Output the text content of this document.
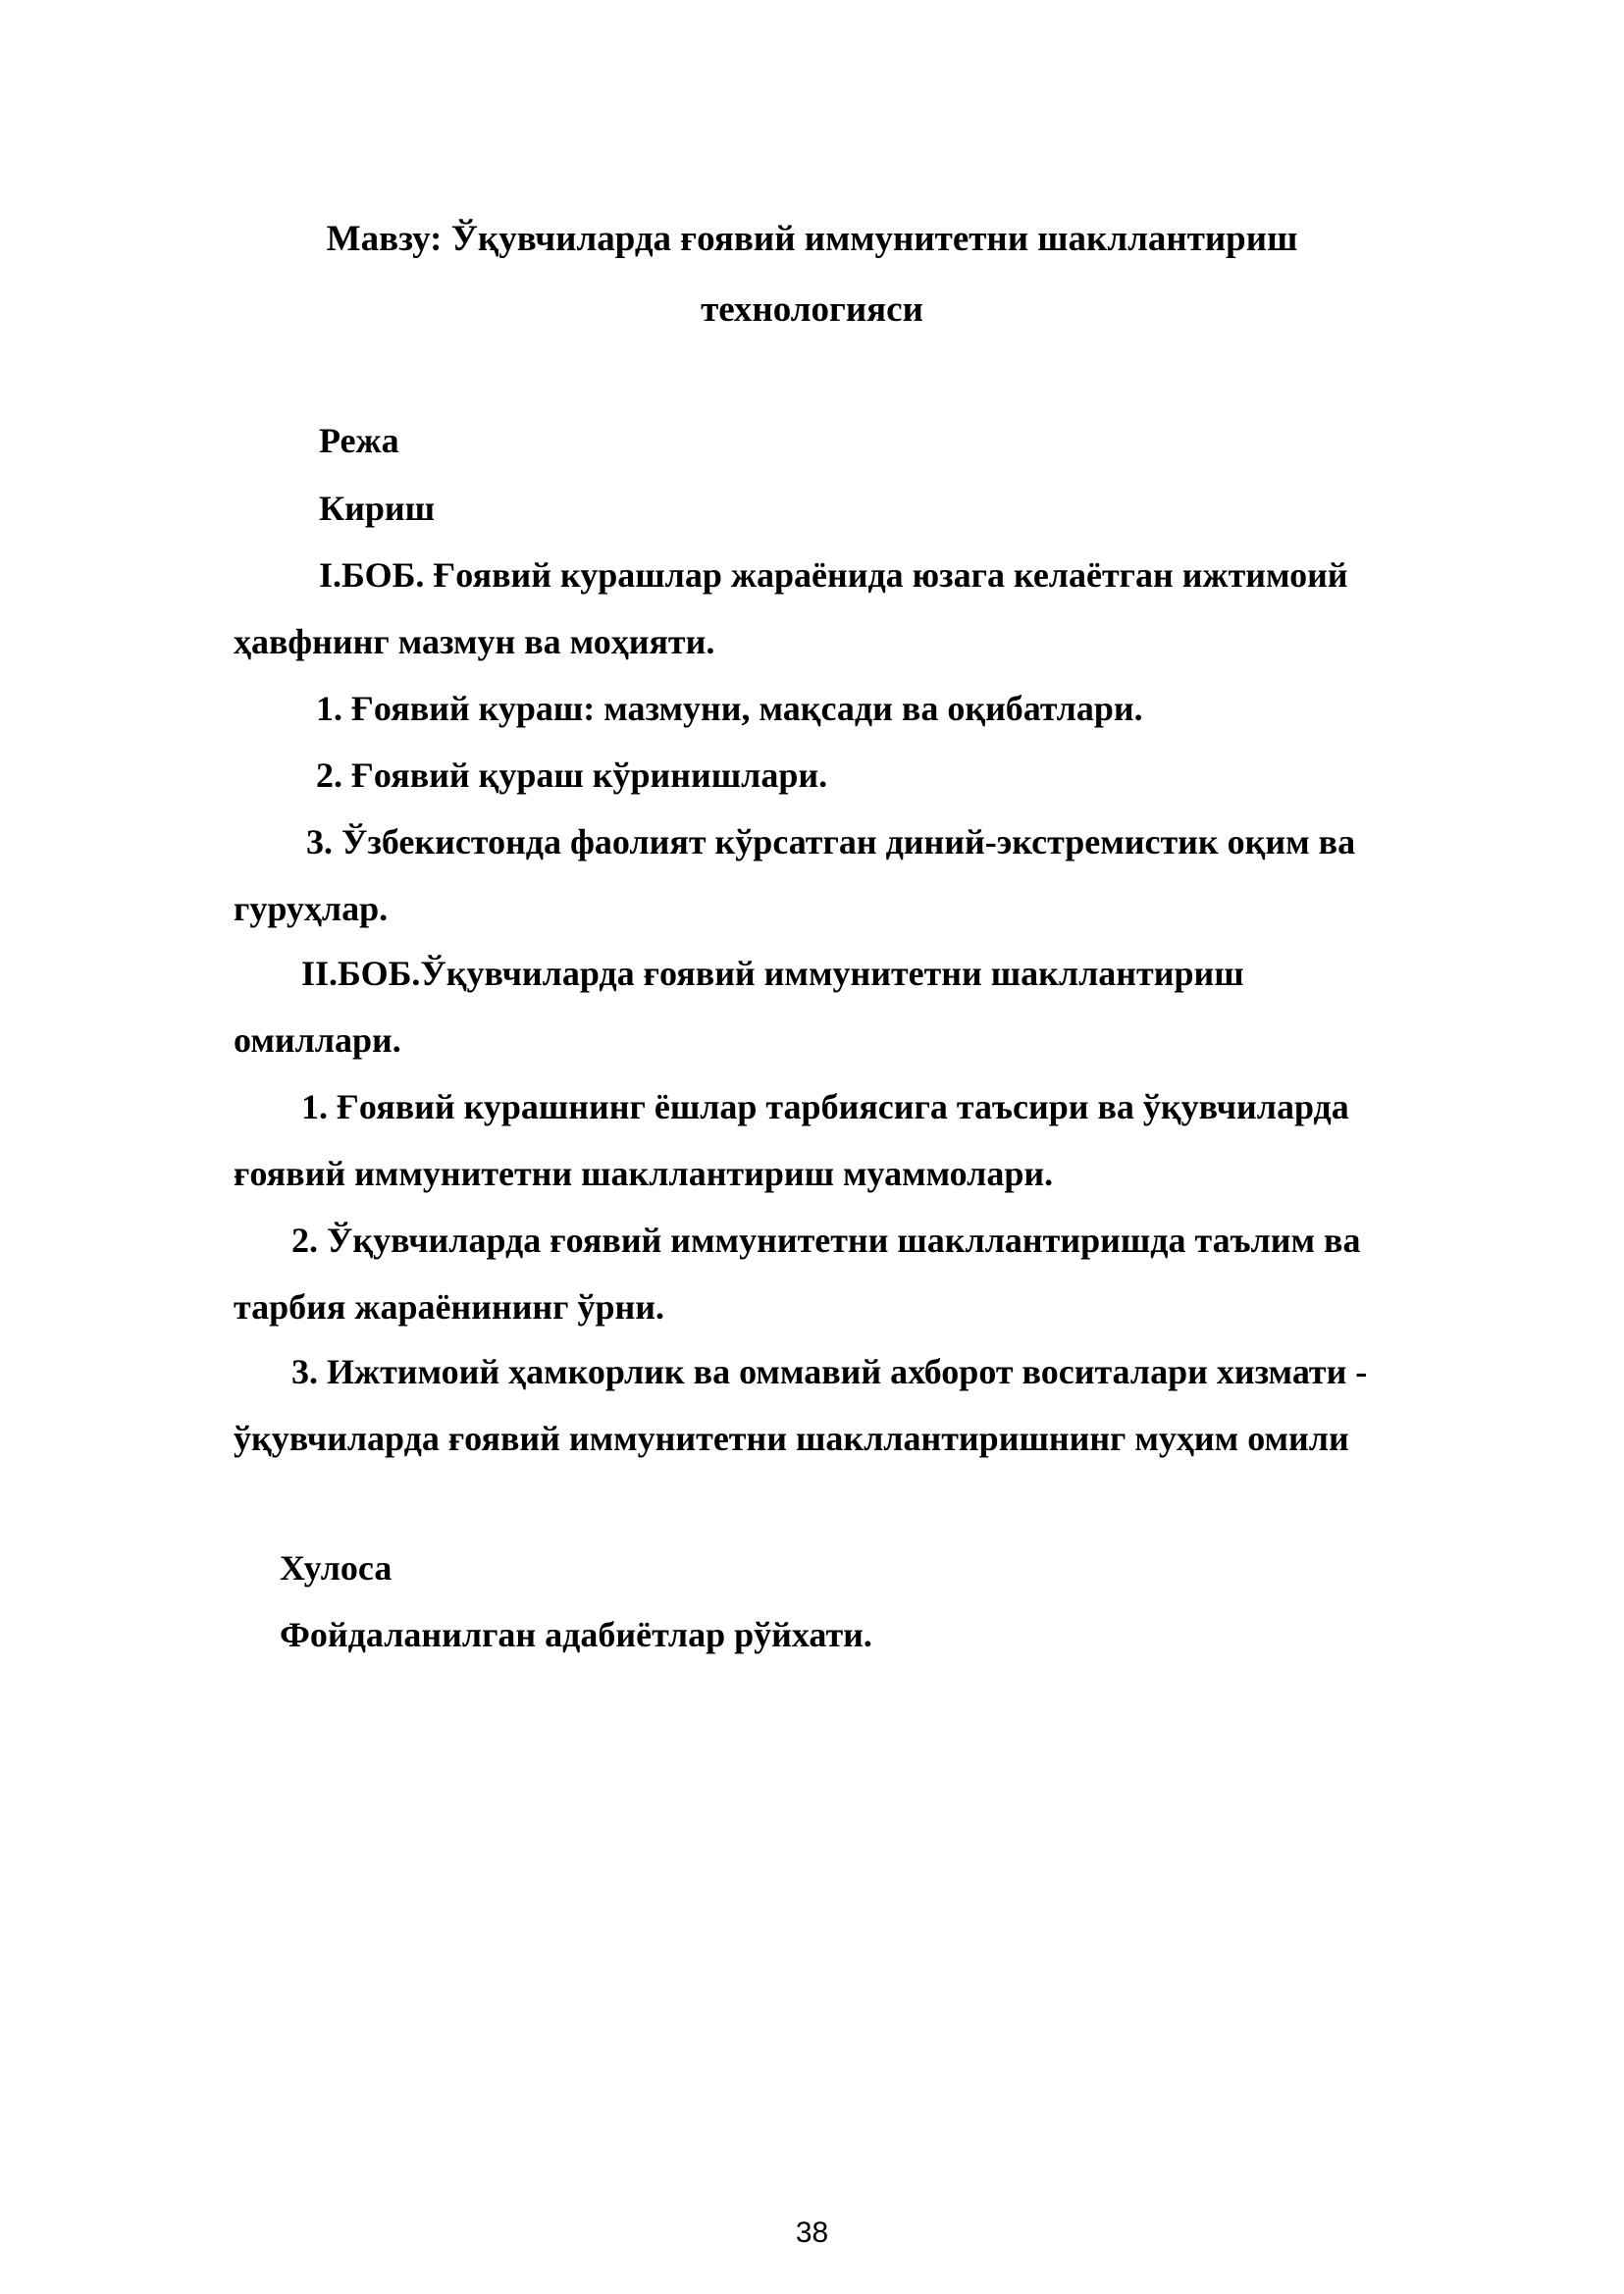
Мавзу: Ўқувчиларда ғоявий иммунитетни шакллантириш
технологияси
Режа
Кириш
I.БОБ. Ғоявий курашлар жараёнида юзага келаётган ижтимоий
ҳавфнинг мазмун ва моҳияти.
1. Ғоявий кураш: мазмуни, мақсади ва оқибатлари.
2. Ғоявий қураш кўринишлари.
3. Ўзбекистонда фаолият кўрсатган диний-экстремистик оқим ва
гуруҳлар.
II.БОБ.Ўқувчиларда ғоявий иммунитетни шакллантириш
омиллари.
1. Ғоявий курашнинг ёшлар тарбиясига таъсири ва ўқувчиларда
ғоявий иммунитетни шакллантириш муаммолари.
2. Ўқувчиларда ғоявий иммунитетни шакллантиришда таълим ва
тарбия жараёнининг ўрни.
3. Ижтимоий ҳамкорлик ва оммавий ахборот воситалари хизмати -
ўқувчиларда ғоявий иммунитетни шакллантиришнинг муҳим омили
Хулоса
Фойдаланилган адабиётлар рўйхати.
38
